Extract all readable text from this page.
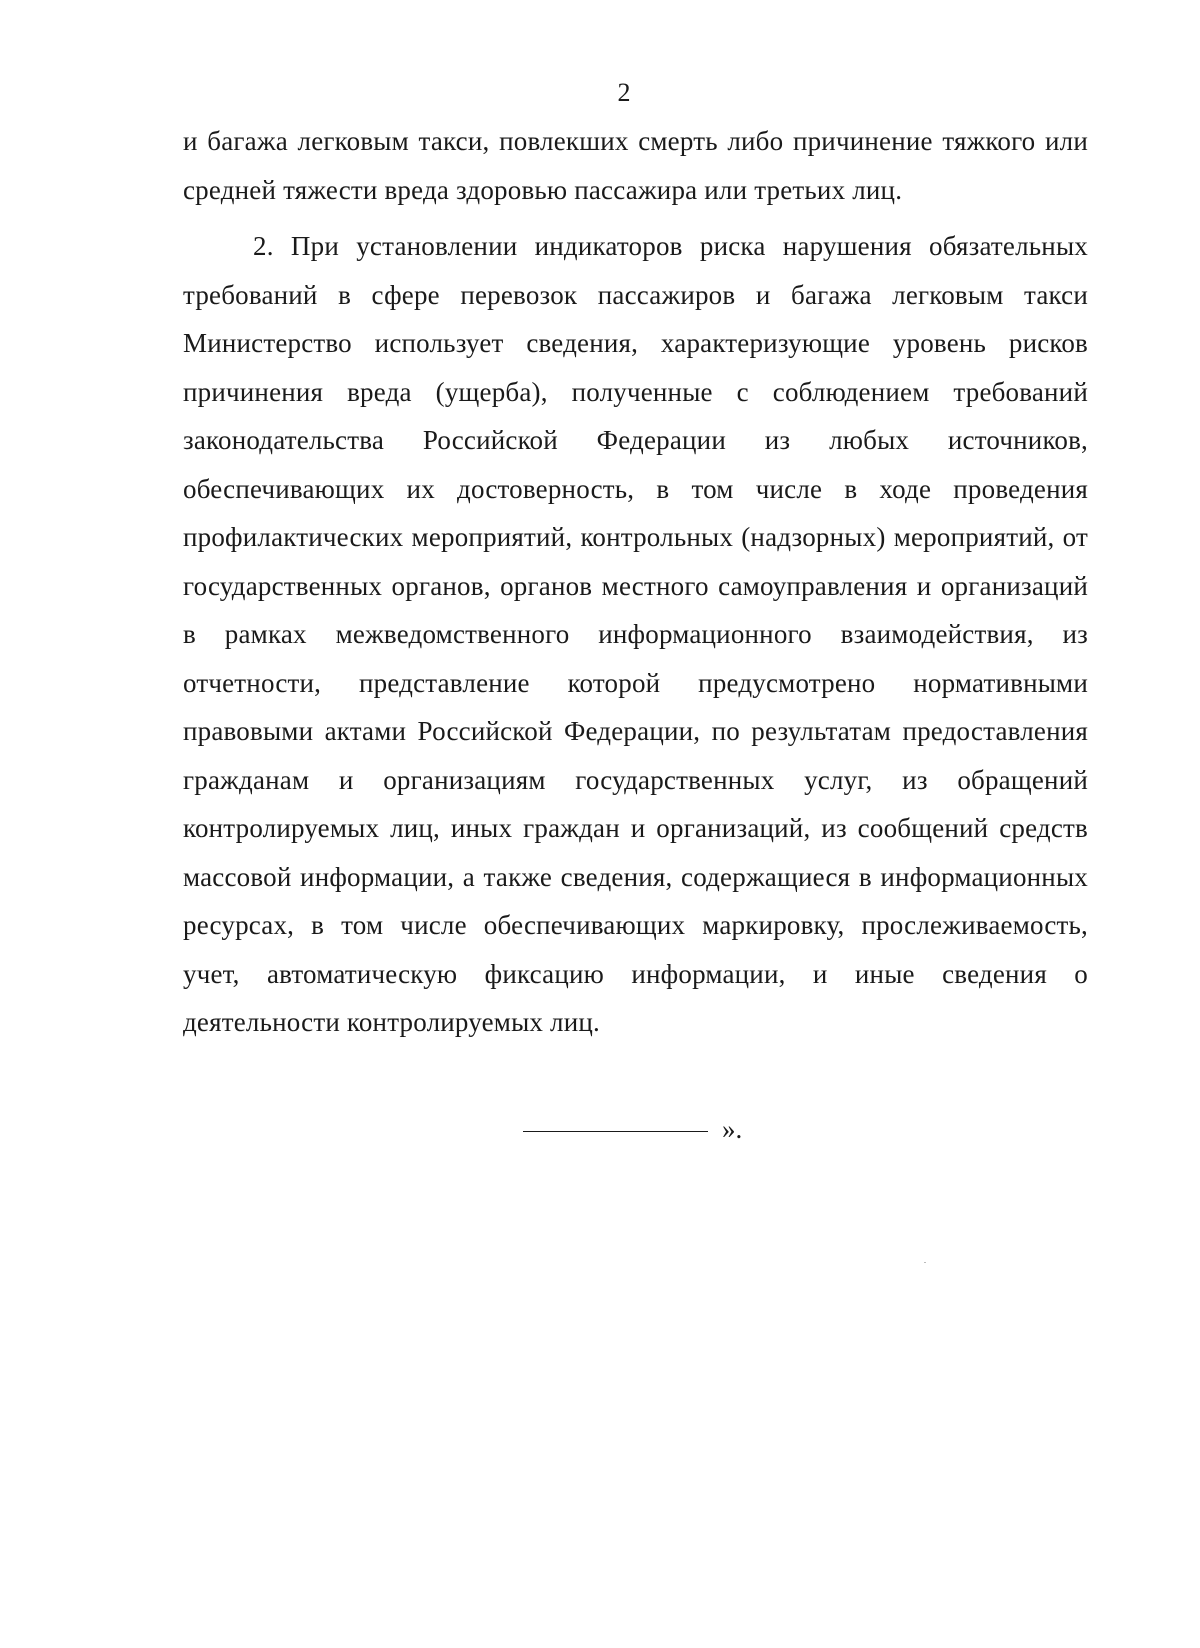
2

и багажа легковым такси, повлекших смерть либо причинение тяжкого или средней тяжести вреда здоровью пассажира или третьих лиц.

2. При установлении индикаторов риска нарушения обязательных требований в сфере перевозок пассажиров и багажа легковым такси Министерство использует сведения, характеризующие уровень рисков причинения вреда (ущерба), полученные с соблюдением требований законодательства Российской Федерации из любых источников, обеспечивающих их достоверность, в том числе в ходе проведения профилактических мероприятий, контрольных (надзорных) мероприятий, от государственных органов, органов местного самоуправления и организаций в рамках межведомственного информационного взаимодействия, из отчетности, представление которой предусмотрено нормативными правовыми актами Российской Федерации, по результатам предоставления гражданам и организациям государственных услуг, из обращений контролируемых лиц, иных граждан и организаций, из сообщений средств массовой информации, а также сведения, содержащиеся в информационных ресурсах, в том числе обеспечивающих маркировку, прослеживаемость, учет, автоматическую фиксацию информации, и иные сведения о деятельности контролируемых лиц.

».
